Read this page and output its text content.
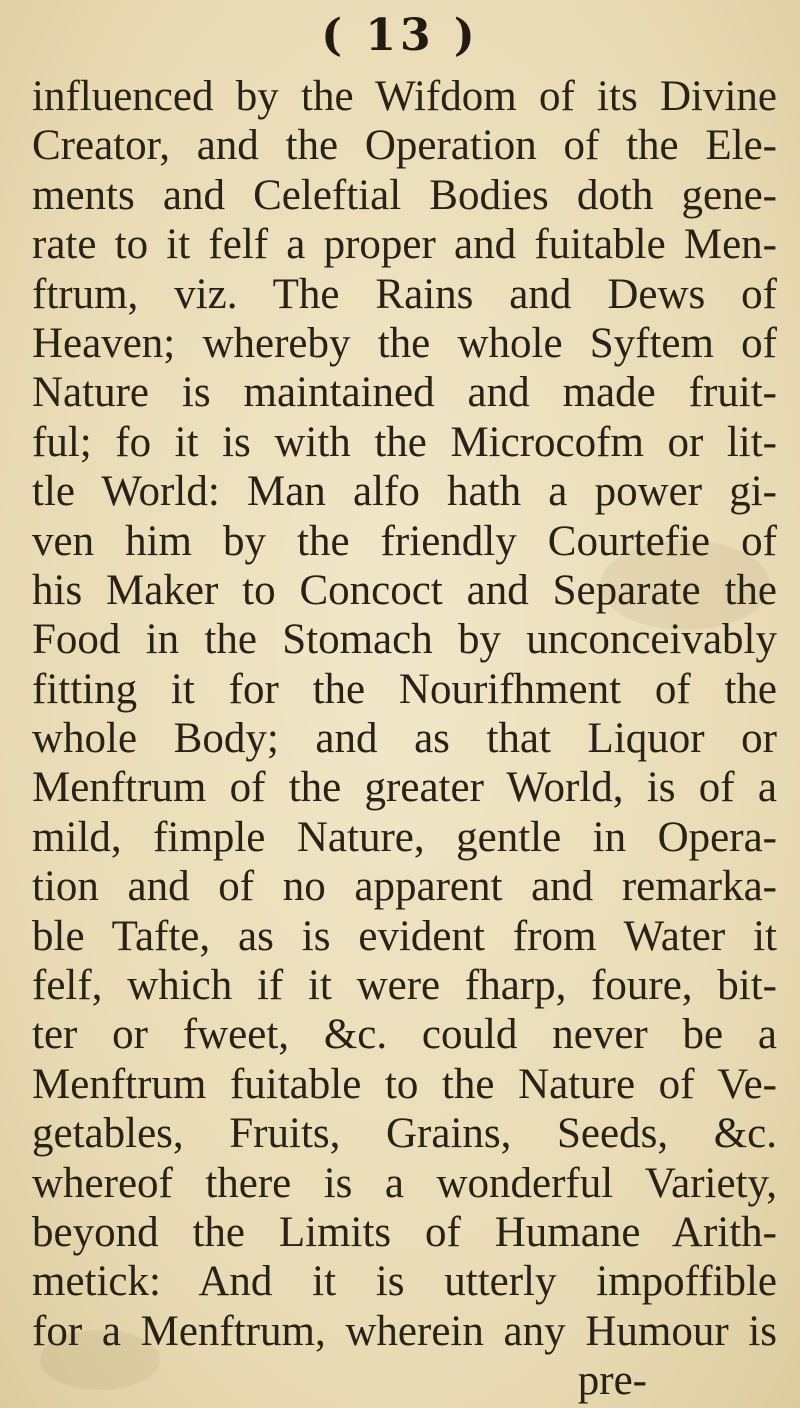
( 13 )
influenced by the Wifdom of its Divine
Creator, and the Operation of the Ele-
ments and Celeftial Bodies doth gene-
rate to it felf a proper and fuitable Men-
ftrum, viz. The Rains and Dews of
Heaven; whereby the whole Syftem of
Nature is maintained and made fruit-
ful; fo it is with the Microcofm or lit-
tle World: Man alfo hath a power gi-
ven him by the friendly Courtefie of
his Maker to Concoct and Separate the
Food in the Stomach by unconceivably
fitting it for the Nourifhment of the
whole Body; and as that Liquor or
Menftrum of the greater World, is of a
mild, fimple Nature, gentle in Opera-
tion and of no apparent and remarka-
ble Tafte, as is evident from Water it
felf, which if it were fharp, foure, bit-
ter or fweet, &c. could never be a
Menftrum fuitable to the Nature of Ve-
getables, Fruits, Grains, Seeds, &c.
whereof there is a wonderful Variety,
beyond the Limits of Humane Arith-
metick: And it is utterly impoffible
for a Menftrum, wherein any Humour is
pre-
